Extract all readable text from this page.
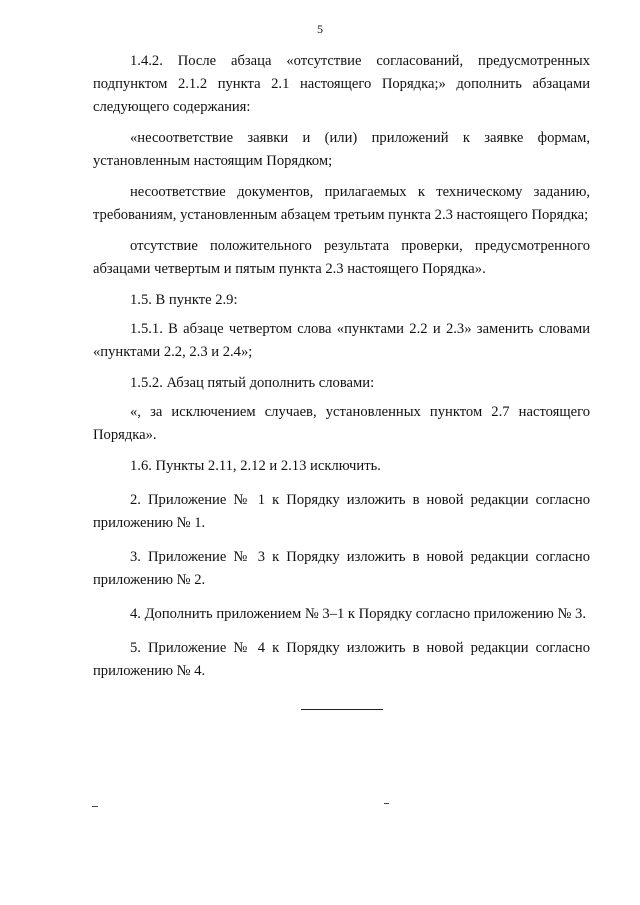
5

1.4.2. После абзаца «отсутствие согласований, предусмотренных подпунктом 2.1.2 пункта 2.1 настоящего Порядка;» дополнить абзацами следующего содержания:

«несоответствие заявки и (или) приложений к заявке формам, установленным настоящим Порядком;

несоответствие документов, прилагаемых к техническому заданию, требованиям, установленным абзацем третьим пункта 2.3 настоящего Порядка;

отсутствие положительного результата проверки, предусмотренного абзацами четвертым и пятым пункта 2.3 настоящего Порядка».

1.5. В пункте 2.9:

1.5.1. В абзаце четвертом слова «пунктами 2.2 и 2.3» заменить словами «пунктами 2.2, 2.3 и 2.4»;

1.5.2. Абзац пятый дополнить словами:

«, за исключением случаев, установленных пунктом 2.7 настоящего Порядка».

1.6. Пункты 2.11, 2.12 и 2.13 исключить.

2. Приложение № 1 к Порядку изложить в новой редакции согласно приложению № 1.

3. Приложение № 3 к Порядку изложить в новой редакции согласно приложению № 2.

4. Дополнить приложением № 3–1 к Порядку согласно приложению № 3.

5. Приложение № 4 к Порядку изложить в новой редакции согласно приложению № 4.
